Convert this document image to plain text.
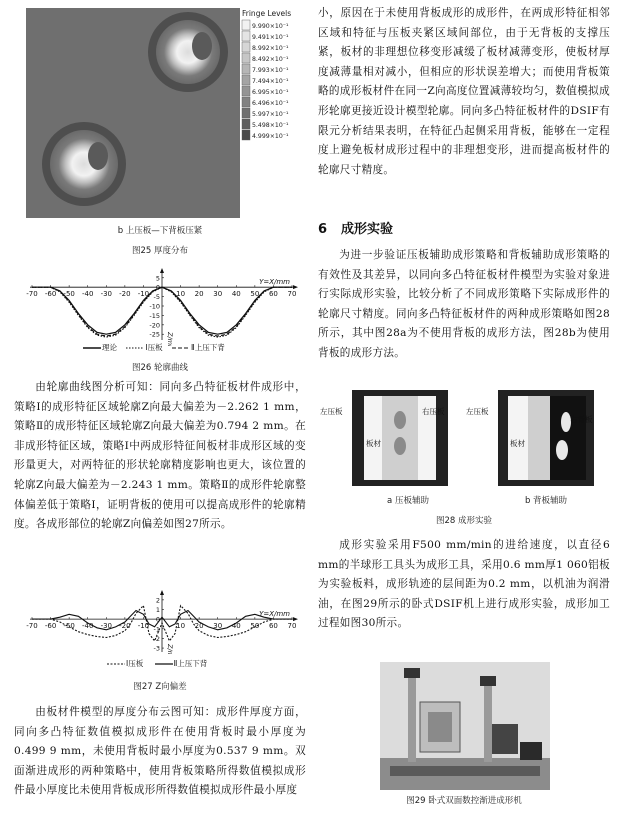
9.990×10⁻¹
9.491×10⁻¹
8.992×10⁻¹
8.492×10⁻¹
7.993×10⁻¹
7.494×10⁻¹
6.995×10⁻¹
6.496×10⁻¹
5.997×10⁻¹
5.498×10⁻¹
4.999×10⁻¹
Fringe Levels
b 上压板—下背板压紧
图25 厚度分布
-70 -60 -50 -40 -30 -20 -10	10 20 30 40 50 60 70
5
0
-5
-10
-15
-20
-25
Y=X/mm
Z/mm
理论	Ⅰ压板	Ⅱ上压下背
图26 轮廓曲线

由轮廓曲线图分析可知：同向多凸特征板材件成形中，策略Ⅰ的成形特征区域轮廓Z向最大偏差为－2.262 1 mm，策略Ⅱ的成形特征区域轮廓Z向最大偏差为0.794 2 mm。在非成形特征区域，策略Ⅰ中两成形特征间板材非成形区域的变形量更大，对两特征的形状轮廓精度影响也更大，该位置的轮廓Z向最大偏差为－2.243 1 mm。策略Ⅱ的成形件轮廓整体偏差低于策略Ⅰ，证明背板的使用可以提高成形件的轮廓精度。各成形部位的轮廓Z向偏差如图27所示。

-70 -60 -50 -40 -30 -20 -10	10 20 30 40 50 60 70
2
1
0
-1
-2
-3
Y=X/mm
Z/mm
Ⅰ压板	Ⅱ上压下背
图27 Z向偏差

由板材件模型的厚度分布云图可知：成形件厚度方面，同向多凸特征数值模拟成形件在使用背板时最小厚度为0.499 9 mm，未使用背板时最小厚度为0.537 9 mm。双面渐进成形的两种策略中，使用背板策略所得数值模拟成形件最小厚度比未使用背板成形所得数值模拟成形件最小厚度

小，原因在于未使用背板成形的成形件，在两成形特征相邻区域和特征与压板夹紧区域间部位，由于无背板的支撑压紧，板材的非理想位移变形减缓了板材减薄变形，使板材厚度减薄量相对减小，但相应的形状误差增大；而使用背板策略的成形板材件在同一Z向高度位置减薄较均匀，数值模拟成形轮廓更接近设计模型轮廓。同向多凸特征板材件的DSIF有限元分析结果表明，在特征凸起侧采用背板，能够在一定程度上避免板材成形过程中的非理想变形，进而提高板材件的轮廓尺寸精度。

6 成形实验

为进一步验证压板辅助成形策略和背板辅助成形策略的有效性及其差异，以同向多凸特征板材件模型为实验对象进行实际成形实验，比较分析了不同成形策略下实际成形件的轮廓尺寸精度。同向多凸特征板材件的两种成形策略如图28所示，其中图28a为不使用背板的成形方法，图28b为使用背板的成形方法。

左压板	右压板
板材
左压板
右背板
板材
a 压板辅助	b 背板辅助
图28 成形实验

成形实验采用F500 mm/min的进给速度，以直径6 mm的半球形工具头为成形工具，采用0.6 mm厚1 060铝板为实验板料，成形轨迹的层间距为0.2 mm，以机油为润滑油，在图29所示的卧式DSIF机上进行成形实验，成形加工过程如图30所示。

图29 卧式双面数控渐进成形机
